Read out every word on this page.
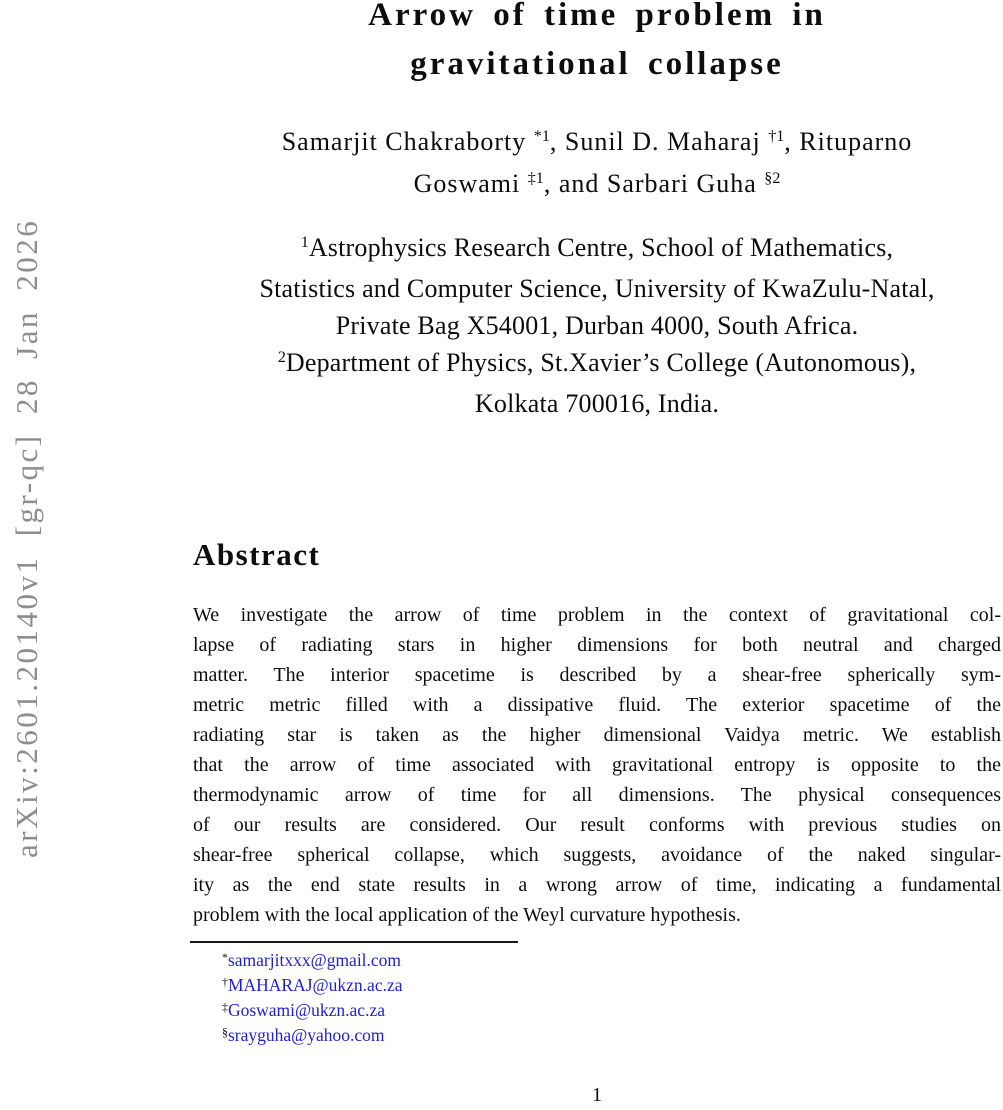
arXiv:2601.20140v1 [gr-qc] 28 Jan 2026
Arrow of time problem in
gravitational collapse
Samarjit Chakraborty $^{*1}$, Sunil D. Maharaj $^{\dagger 1}$, Rituparno
Goswami $^{\ddagger 1}$, and Sarbari Guha $^{\S 2}$
$^1$Astrophysics Research Centre, School of Mathematics,
Statistics and Computer Science, University of KwaZulu-Natal,
Private Bag X54001, Durban 4000, South Africa.
$^2$Department of Physics, St.Xavier’s College (Autonomous),
Kolkata 700016, India.
Abstract
We investigate the arrow of time problem in the context of gravitational col-
lapse of radiating stars in higher dimensions for both neutral and charged
matter. The interior spacetime is described by a shear-free spherically sym-
metric metric filled with a dissipative fluid. The exterior spacetime of the
radiating star is taken as the higher dimensional Vaidya metric. We establish
that the arrow of time associated with gravitational entropy is opposite to the
thermodynamic arrow of time for all dimensions. The physical consequences
of our results are considered. Our result conforms with previous studies on
shear-free spherical collapse, which suggests, avoidance of the naked singular-
ity as the end state results in a wrong arrow of time, indicating a fundamental
problem with the local application of the Weyl curvature hypothesis.
*samarjitxxx@gmail.com
†MAHARAJ@ukzn.ac.za
‡Goswami@ukzn.ac.za
§srayguha@yahoo.com
1
